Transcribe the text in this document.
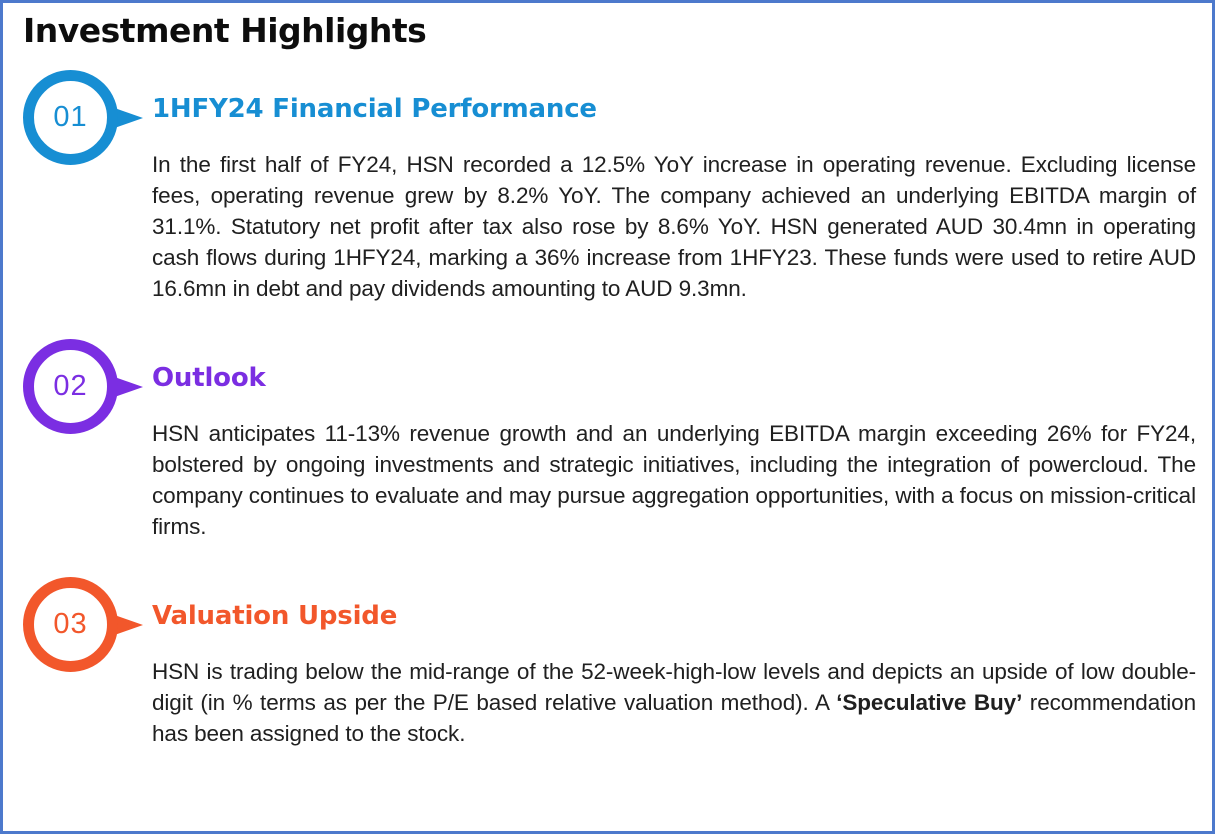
Investment Highlights
01	1HFY24 Financial Performance

In the first half of FY24, HSN recorded a 12.5% YoY increase in operating revenue. Excluding license fees, operating revenue grew by 8.2% YoY. The company achieved an underlying EBITDA margin of 31.1%. Statutory net profit after tax also rose by 8.6% YoY. HSN generated AUD 30.4mn in operating cash flows during 1HFY24, marking a 36% increase from 1HFY23. These funds were used to retire AUD 16.6mn in debt and pay dividends amounting to AUD 9.3mn.

02	Outlook

HSN anticipates 11-13% revenue growth and an underlying EBITDA margin exceeding 26% for FY24, bolstered by ongoing investments and strategic initiatives, including the integration of powercloud. The company continues to evaluate and may pursue aggregation opportunities, with a focus on mission-critical firms.

03	Valuation Upside

HSN is trading below the mid-range of the 52-week-high-low levels and depicts an upside of low double-digit (in % terms as per the P/E based relative valuation method). A ‘Speculative Buy’ recommendation has been assigned to the stock.
